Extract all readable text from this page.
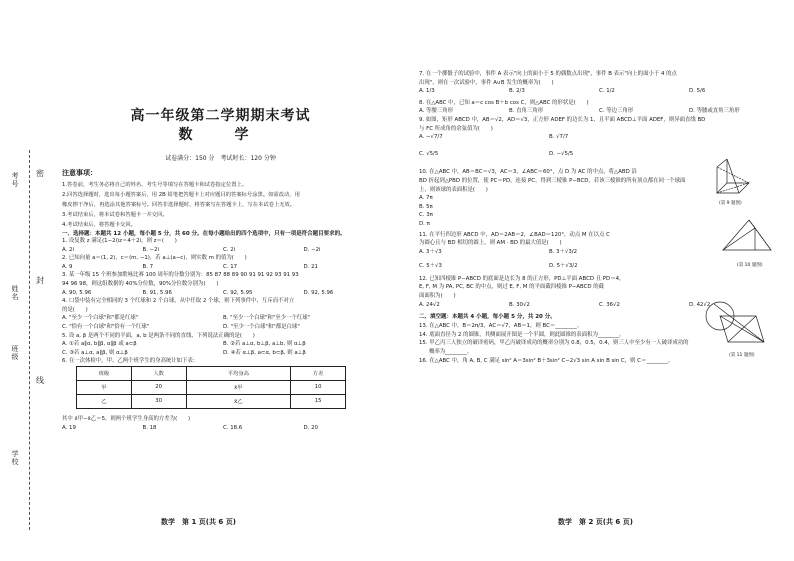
考号
姓名
班级
学校
密
封
线
高一年级第二学期期末考试
数　学
试卷满分：150 分　考试时长：120 分钟
注意事项：
1.答卷前，考生务必将自己的姓名、考生号等填写在答题卡和试卷指定位置上。
2.回答选择题时，选出每小题答案后，用 2B 铅笔把答题卡上对应题目的答案标号涂黑。如需改动，用
橡皮擦干净后，再选涂其他答案标号。回答非选择题时，将答案写在答题卡上，写在本试卷上无效。
3.考试结束后，将本试卷和答题卡一并交回。
4.考试结束后，将答题卡交回。
一、选择题：本题共 12 小题，每小题 5 分，共 60 分。在每小题给出的四个选项中，只有一项是符合题目要求的。
1. 设复数 z 满足(1−2i)z＝4＋2i，则 z＝(　　)
A. 2i	B. −2i	C. 2i	D. −2i
2. 已知向量 a＝(1, 2)，c＝(m, −1)，若 a⊥(a−c)，则实数 m 的值为(　　)
A. 9	B. 7	C. 17	D. 21
3. 某一年级 15 个班参加歌咏比赛 100 周年的分数分别为：85 87 88 89 90 91 91 92 93 91 93
94 96 98，则这组数据的 40%分位数，90%分位数分别为(　　)
A. 90, 5.96	B. 91, 5.96	C. 92, 5.95	D. 92, 5.96
4. 口袋中装有完全相同的 3 个红球和 2 个白球，从中任取 2 个球，则下列事件中，互斥而不对立
的是(　　)
A. "至少一个白球"和"都是红球"	B. "至少一个白球"和"至少一个红球"
C. "恰有一个白球"和"恰有一个红球"	D. "至少一个白球"和"都是白球"
5. 设 a, β 是两个不同的平面，a, b 是两条不同的直线，下列说法正确的是(　　)
A. ①若 a∥α, b∥β, α∥β 或 a⊂β	B. ②若 a⊥α, b⊥β, a⊥b, 则 α⊥β
C. ③若 a⊥α, a∥β, 则 α⊥β	D. ④若 α⊥β, a⊂α, b⊂β, 则 a⊥β
6. 在一次体检中，甲、乙两个班学生的身高统计如下表：
班级	人数	平均身高	方差
甲	20	x̄甲	10
乙	30	x̄乙	15
其中 x̄甲−x̄乙＝5，则两个班学生身高的方差为(　　)
A. 19	B. 18	C. 18.6	D. 20
数学　第 1 页(共 6 页)
7. 在一个掷骰子的试验中，事件 A 表示"向上的面小于 5 的偶数点出现"，事件 B 表示"向上的面小于 4 的点
出现"，则在一次试验中，事件 A∪B 发生的概率为(　　)
A. 1/3	B. 2/3	C. 1/2	D. 5/6
8. 在△ABC 中，已知 a＝c cos B＋b cos C，则△ABC 的形状是(　　)
A. 等腰三角形	B. 直角三角形	C. 等边三角形	D. 等腰或直角三角形
9. 如图，矩形 ABCD 中，AB＝√2，AD＝√3，正方形 ADEF 的边长为 1，且平面 ABCD⊥平面 ADEF，则异面直线 BD
与 FC 所成角的余弦值为(　　)
A. −√7/7	B. √7/7
C. √5/5	D. −√5/5
10. 在△ABC 中，AB＝BC＝√3，AC＝3，∠ABC＝60°，点 D 为 AC 的中点，将△ABD 沿
BD 折起到△PBD 的位置，使 PC＝PD，连接 PC，得到三棱锥 P−BCD，若该三棱锥的所有顶点都在同一个球面
上，则该球的表面积是(　　)
A. 7π
B. 5π
C. 3π
D. π
11. 在平行四边形 ABCD 中，AD＝2AB＝2，∠BAD＝120°，动点 M 在以点 C
为圆心且与 BD 相切的圆上，则 AM · BD 的最大值是(　　)
A. 3＋√3	B. 3＋√3/2
C. 5＋√3	D. 5＋√3/2
12. 已知四棱锥 P−ABCD 的底面是边长为 8 的正方形，PD⊥平面 ABCD 且 PD＝4，
E, F, M 为 PA, PC, BC 的中点，则过 E, F, M 的平面截四棱锥 P−ABCD 的截
面面积为(　　)
A. 24√2	B. 30√2	C. 36√2	D. 42√2
二、填空题：本题共 4 小题，每小题 5 分，共 20 分。
13. 在△ABC 中，B＝2π/3，AC＝√7，AB＝1，则 BC＝________。
14. 底面直径为 2 的圆锥，其侧面展开图是一个半圆，则此圆锥的表面积为________。
15. 甲乙丙三人独立的破译密码，甲乙丙破译成功的概率分别为 0.8，0.5，0.4，则三人中至少有一人破译成功的
概率为________。
16. 在△ABC 中，角 A, B, C 满足 sin² A＝3sin² B＋3sin² C−2√3 sin A sin B sin C，则 C＝________。
(第 9 题图)
(第 10 题图)
(第 11 题图)
数学　第 2 页(共 6 页)
